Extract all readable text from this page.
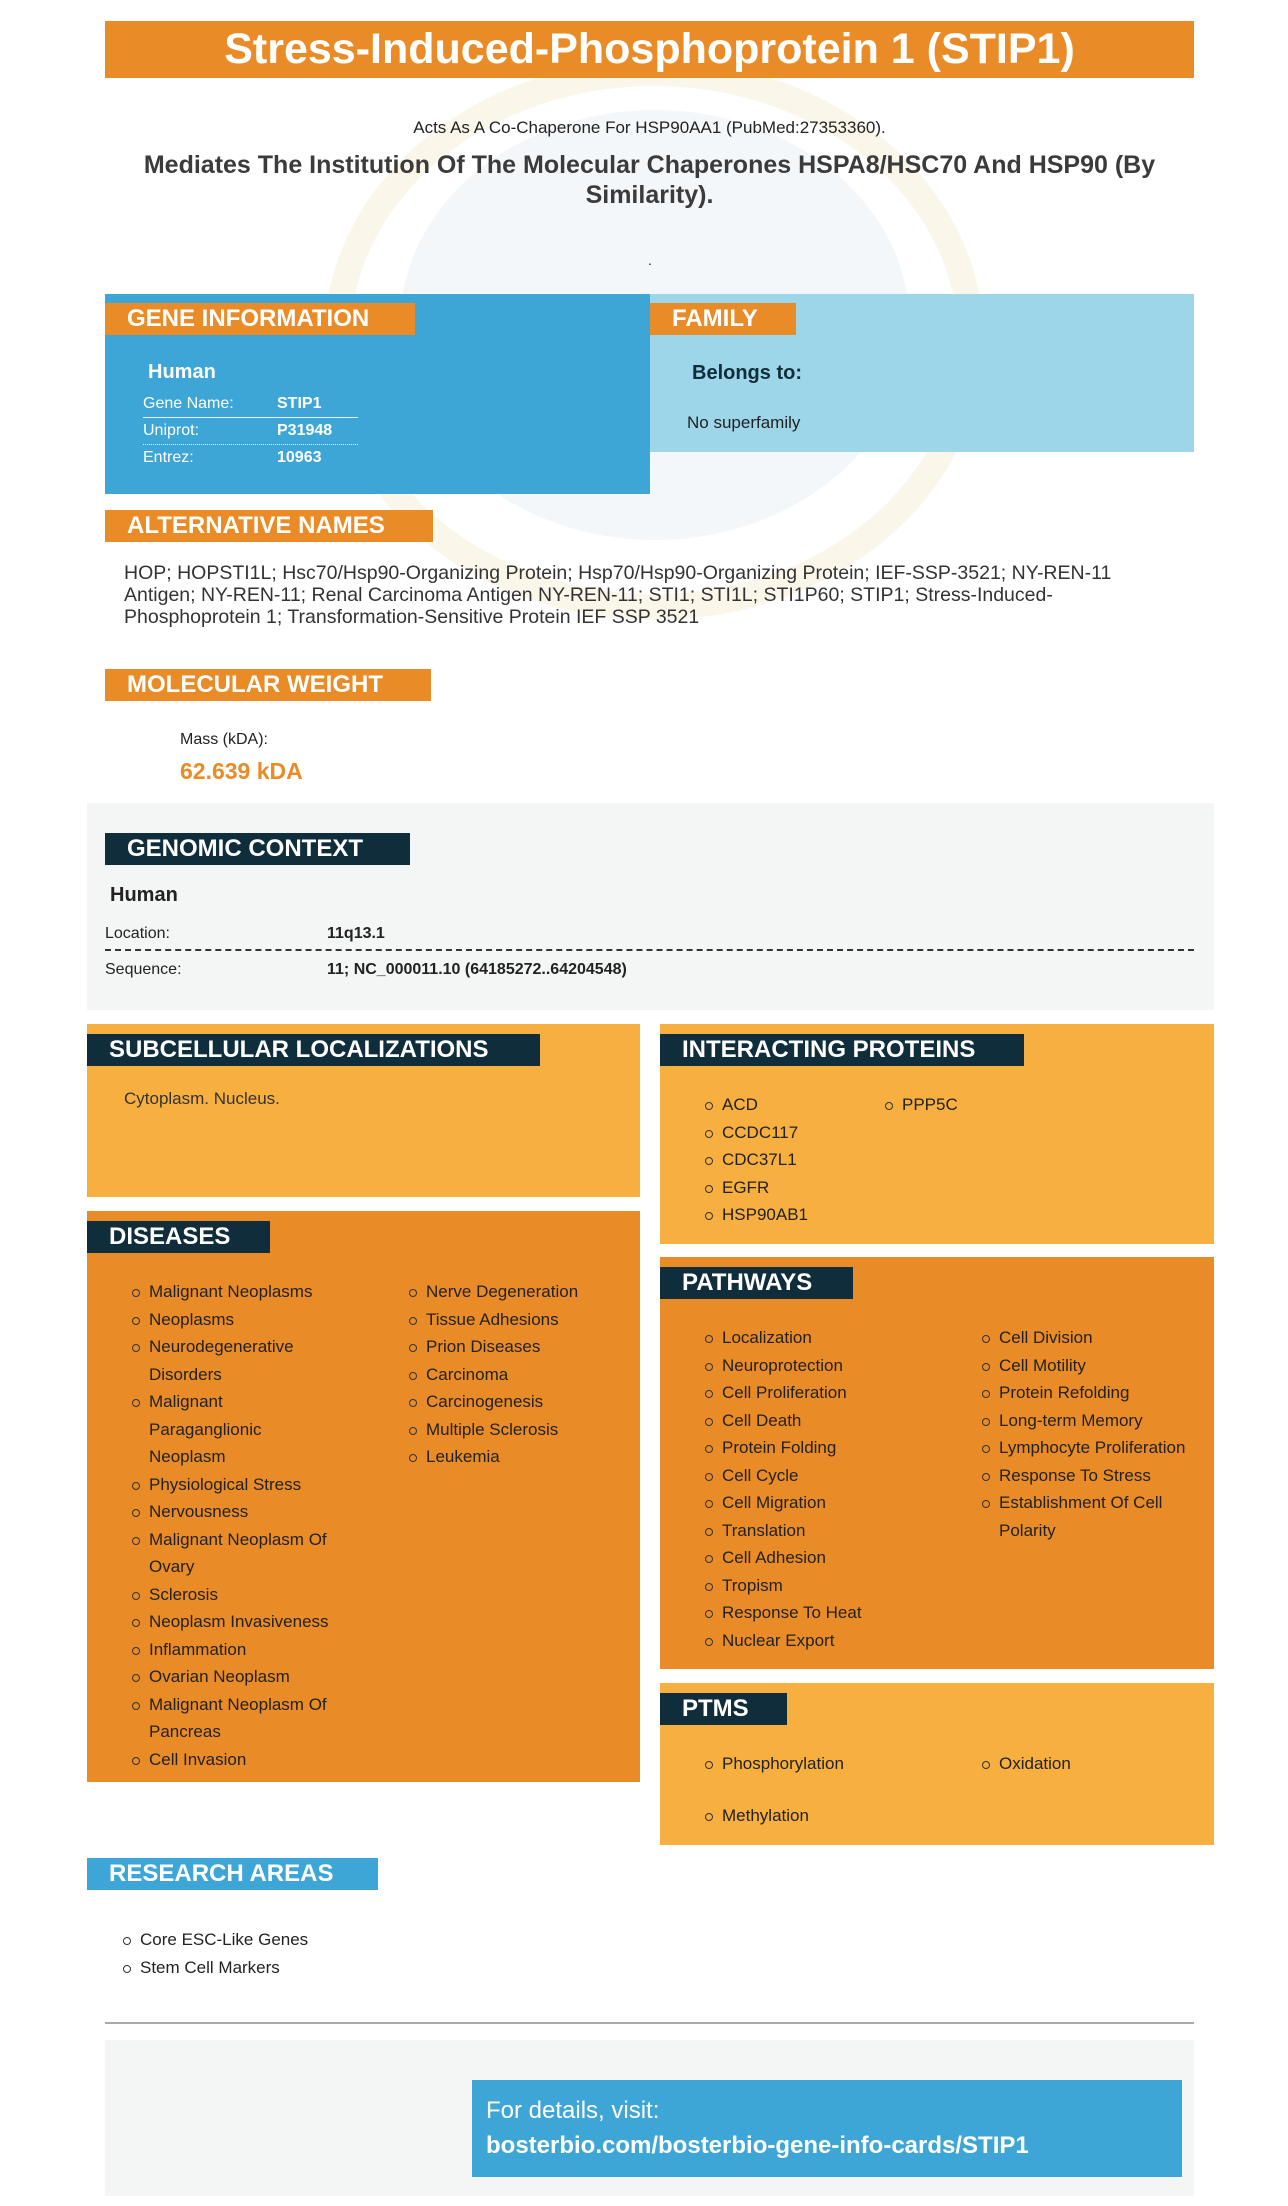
Stress-Induced-Phosphoprotein 1 (STIP1)
Acts As A Co-Chaperone For HSP90AA1 (PubMed:27353360).
Mediates The Institution Of The Molecular Chaperones HSPA8/HSC70 And HSP90 (By Similarity).
.
GENE INFORMATION	FAMILY
Human
Gene Name:	STIP1
Uniprot:	P31948
Entrez:	10963
Belongs to:
No superfamily
ALTERNATIVE NAMES
HOP; HOPSTI1L; Hsc70/Hsp90-Organizing Protein; Hsp70/Hsp90-Organizing Protein; IEF-SSP-3521; NY-REN-11 Antigen; NY-REN-11; Renal Carcinoma Antigen NY-REN-11; STI1; STI1L; STI1P60; STIP1; Stress-Induced-Phosphoprotein 1; Transformation-Sensitive Protein IEF SSP 3521
MOLECULAR WEIGHT
Mass (kDA):
62.639 kDA
GENOMIC CONTEXT
Human
Location:	11q13.1
Sequence:	11; NC_000011.10 (64185272..64204548)
SUBCELLULAR LOCALIZATIONS
Cytoplasm. Nucleus.
INTERACTING PROTEINS
ACD
CCDC117
CDC37L1
EGFR
HSP90AB1
PPP5C
DISEASES
Malignant Neoplasms
Neoplasms
Neurodegenerative Disorders
Malignant Paraganglionic Neoplasm
Physiological Stress
Nervousness
Malignant Neoplasm Of Ovary
Sclerosis
Neoplasm Invasiveness
Inflammation
Ovarian Neoplasm
Malignant Neoplasm Of Pancreas
Cell Invasion
Nerve Degeneration
Tissue Adhesions
Prion Diseases
Carcinoma
Carcinogenesis
Multiple Sclerosis
Leukemia
PATHWAYS
Localization
Neuroprotection
Cell Proliferation
Cell Death
Protein Folding
Cell Cycle
Cell Migration
Translation
Cell Adhesion
Tropism
Response To Heat
Nuclear Export
Cell Division
Cell Motility
Protein Refolding
Long-term Memory
Lymphocyte Proliferation
Response To Stress
Establishment Of Cell Polarity
PTMS
Phosphorylation
Methylation
Oxidation
RESEARCH AREAS
Core ESC-Like Genes
Stem Cell Markers
For details, visit:
bosterbio.com/bosterbio-gene-info-cards/STIP1
